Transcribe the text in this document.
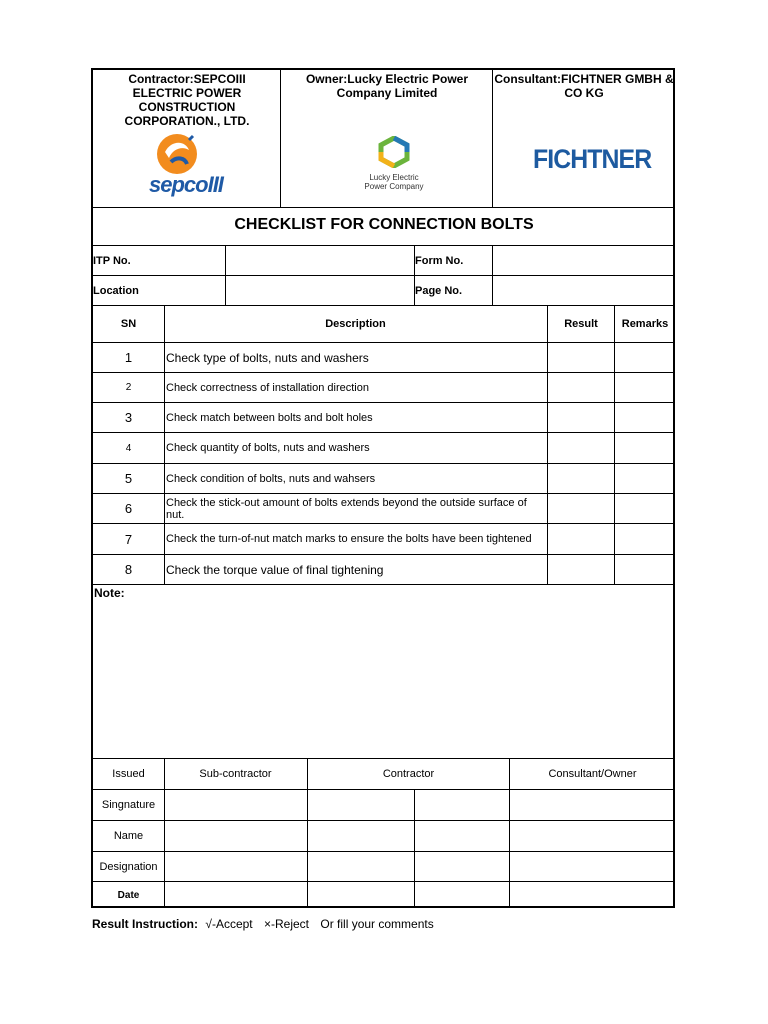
Contractor:SEPCOIII ELECTRIC POWER CONSTRUCTION CORPORATION., LTD.
Owner:Lucky Electric Power Company Limited
Consultant:FICHTNER GMBH & CO KG
sepcoIII	Lucky Electric
Power Company
FICHTNER
CHECKLIST FOR CONNECTION BOLTS
ITP No.	Form No.
Location	Page No.
SN	Description	Result	Remarks
1	Check type of bolts, nuts and washers
2	Check correctness of installation direction
3	Check match between bolts and bolt holes
4	Check quantity of bolts, nuts and washers
5	Check condition of bolts, nuts and wahsers
6	Check the stick-out amount of bolts extends beyond the outside surface of nut.
7	Check the turn-of-nut match marks to ensure the bolts have been tightened
8	Check the torque value of final tightening
Note:
Issued	Sub-contractor	Contractor	Consultant/Owner
Singnature
Name
Designation
Date
Result Instruction: √-Accept ×-Reject Or fill your comments
